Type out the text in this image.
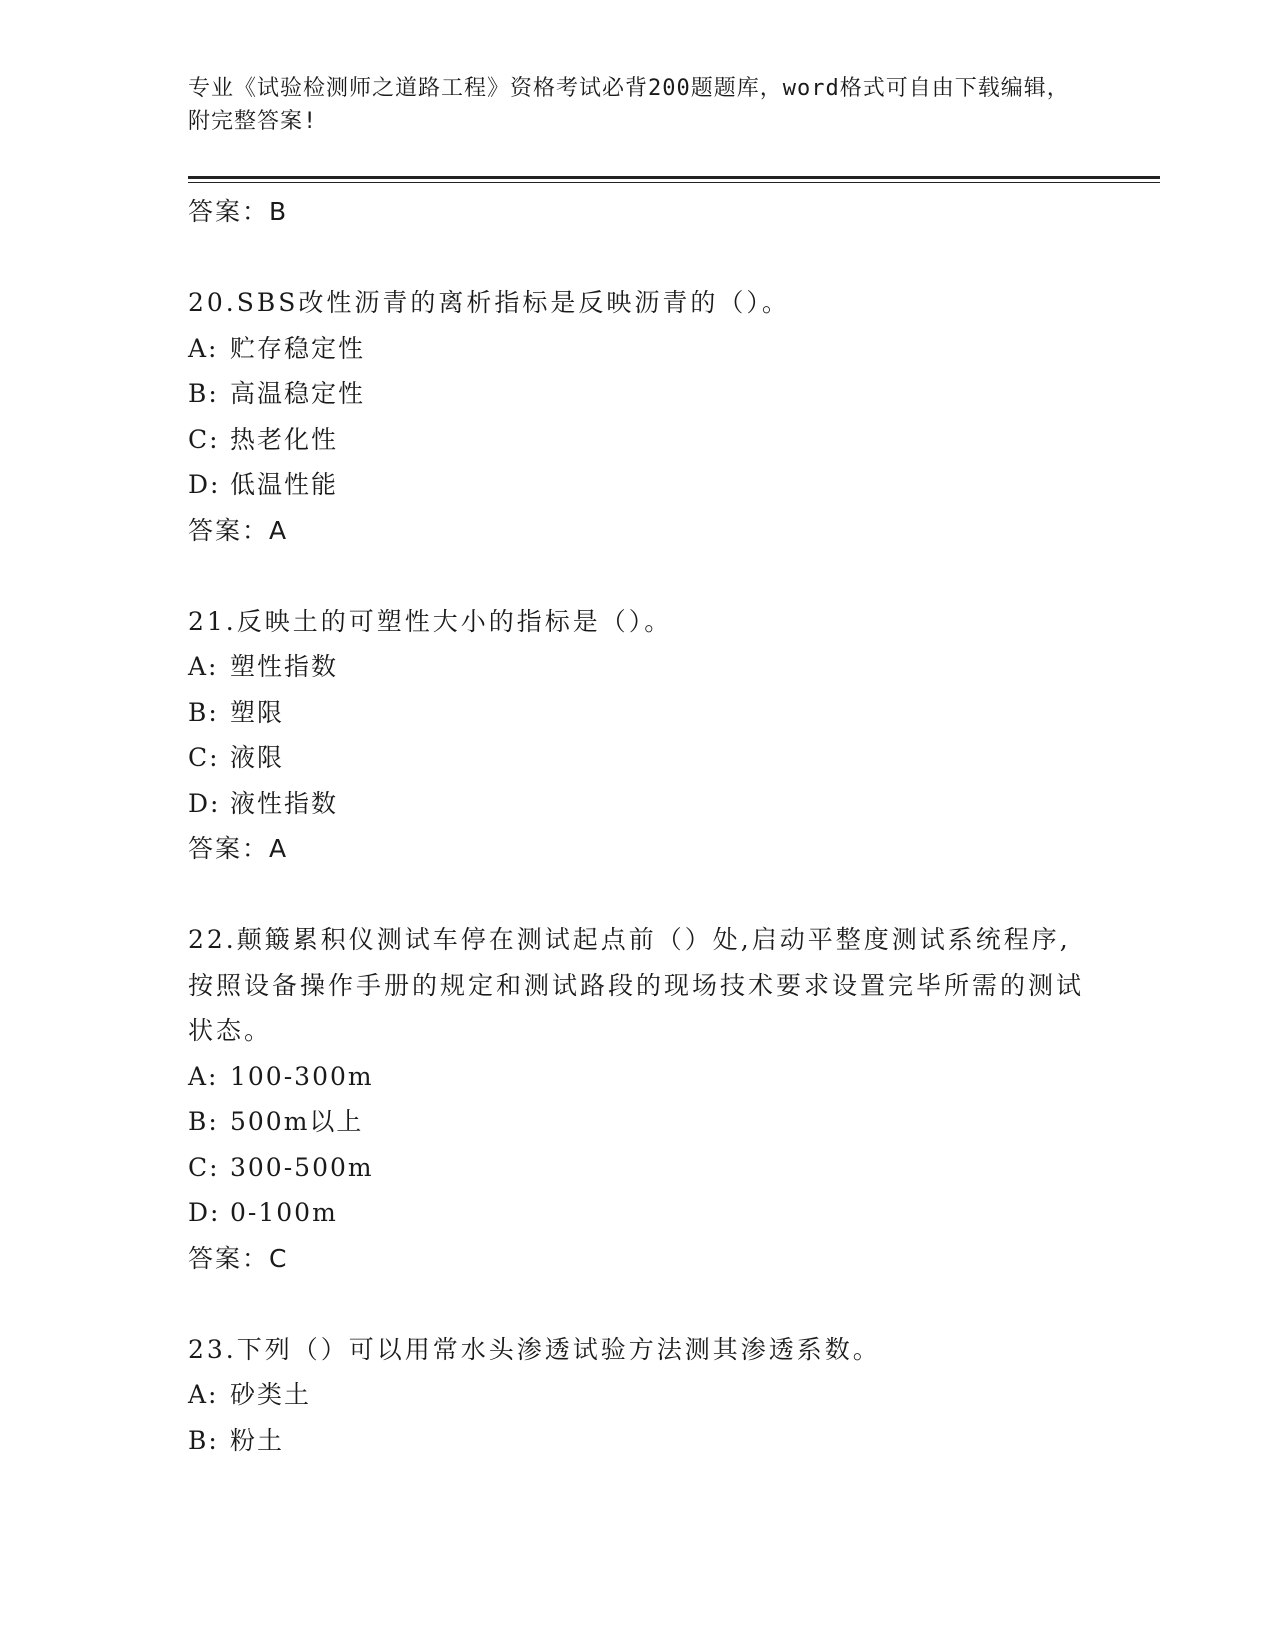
专业《试验检测师之道路工程》资格考试必背200题题库，word格式可自由下载编辑，附完整答案!
答案：B
20.SBS改性沥青的离析指标是反映沥青的（）。
A: 贮存稳定性
B: 高温稳定性
C: 热老化性
D: 低温性能
答案：A
21.反映土的可塑性大小的指标是（）。
A: 塑性指数
B: 塑限
C: 液限
D: 液性指数
答案：A
22.颠簸累积仪测试车停在测试起点前（）处,启动平整度测试系统程序,按照设备操作手册的规定和测试路段的现场技术要求设置完毕所需的测试状态。
A: 100-300m
B: 500m以上
C: 300-500m
D: 0-100m
答案：C
23.下列（）可以用常水头渗透试验方法测其渗透系数。
A: 砂类土
B: 粉土
